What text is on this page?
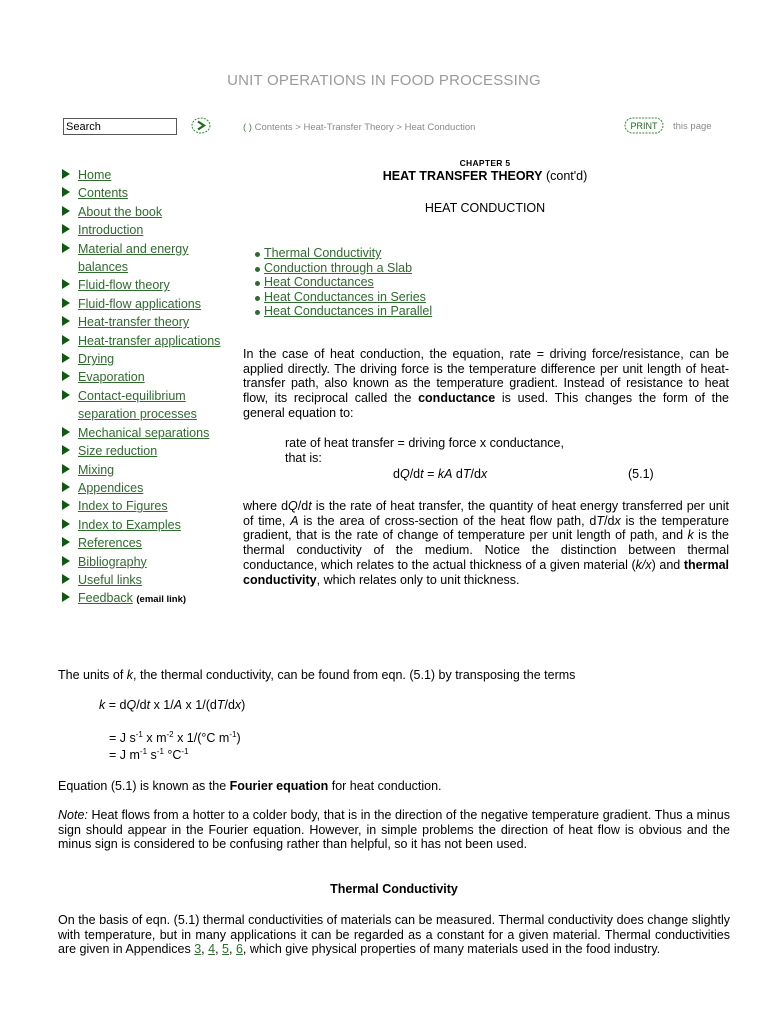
UNIT OPERATIONS IN FOOD PROCESSING
Search
( ) Contents > Heat-Transfer Theory > Heat Conduction	PRINT this page
Home
Contents
About the book
Introduction
Material and energy balances
Fluid-flow theory
Fluid-flow applications
Heat-transfer theory
Heat-transfer applications
Drying
Evaporation
Contact-equilibrium separation processes
Mechanical separations
Size reduction
Mixing
Appendices
Index to Figures
Index to Examples
References
Bibliography
Useful links
Feedback (email link)
CHAPTER 5
HEAT TRANSFER THEORY (cont'd)
HEAT CONDUCTION
Thermal Conductivity
Conduction through a Slab
Heat Conductances
Heat Conductances in Series
Heat Conductances in Parallel
In the case of heat conduction, the equation, rate = driving force/resistance, can be applied directly. The driving force is the temperature difference per unit length of heat-transfer path, also known as the temperature gradient. Instead of resistance to heat flow, its reciprocal called the conductance is used. This changes the form of the general equation to:
rate of heat transfer = driving force x conductance,
that is:
dQ/dt = kA dT/dx	(5.1)
where dQ/dt is the rate of heat transfer, the quantity of heat energy transferred per unit of time, A is the area of cross-section of the heat flow path, dT/dx is the temperature gradient, that is the rate of change of temperature per unit length of path, and k is the thermal conductivity of the medium. Notice the distinction between thermal conductance, which relates to the actual thickness of a given material (k/x) and thermal conductivity, which relates only to unit thickness.
The units of k, the thermal conductivity, can be found from eqn. (5.1) by transposing the terms
k = dQ/dt x 1/A x 1/(dT/dx)
= J $s^{-1}$ x $m^{-2}$ x 1/(°C $m^{-1}$)
= J $m^{-1}$ $s^{-1}$ $^\circ C^{-1}$
Equation (5.1) is known as the Fourier equation for heat conduction.
Note: Heat flows from a hotter to a colder body, that is in the direction of the negative temperature gradient. Thus a minus sign should appear in the Fourier equation. However, in simple problems the direction of heat flow is obvious and the minus sign is considered to be confusing rather than helpful, so it has not been used.
Thermal Conductivity
On the basis of eqn. (5.1) thermal conductivities of materials can be measured. Thermal conductivity does change slightly with temperature, but in many applications it can be regarded as a constant for a given material. Thermal conductivities are given in Appendices 3, 4, 5, 6, which give physical properties of many materials used in the food industry.
